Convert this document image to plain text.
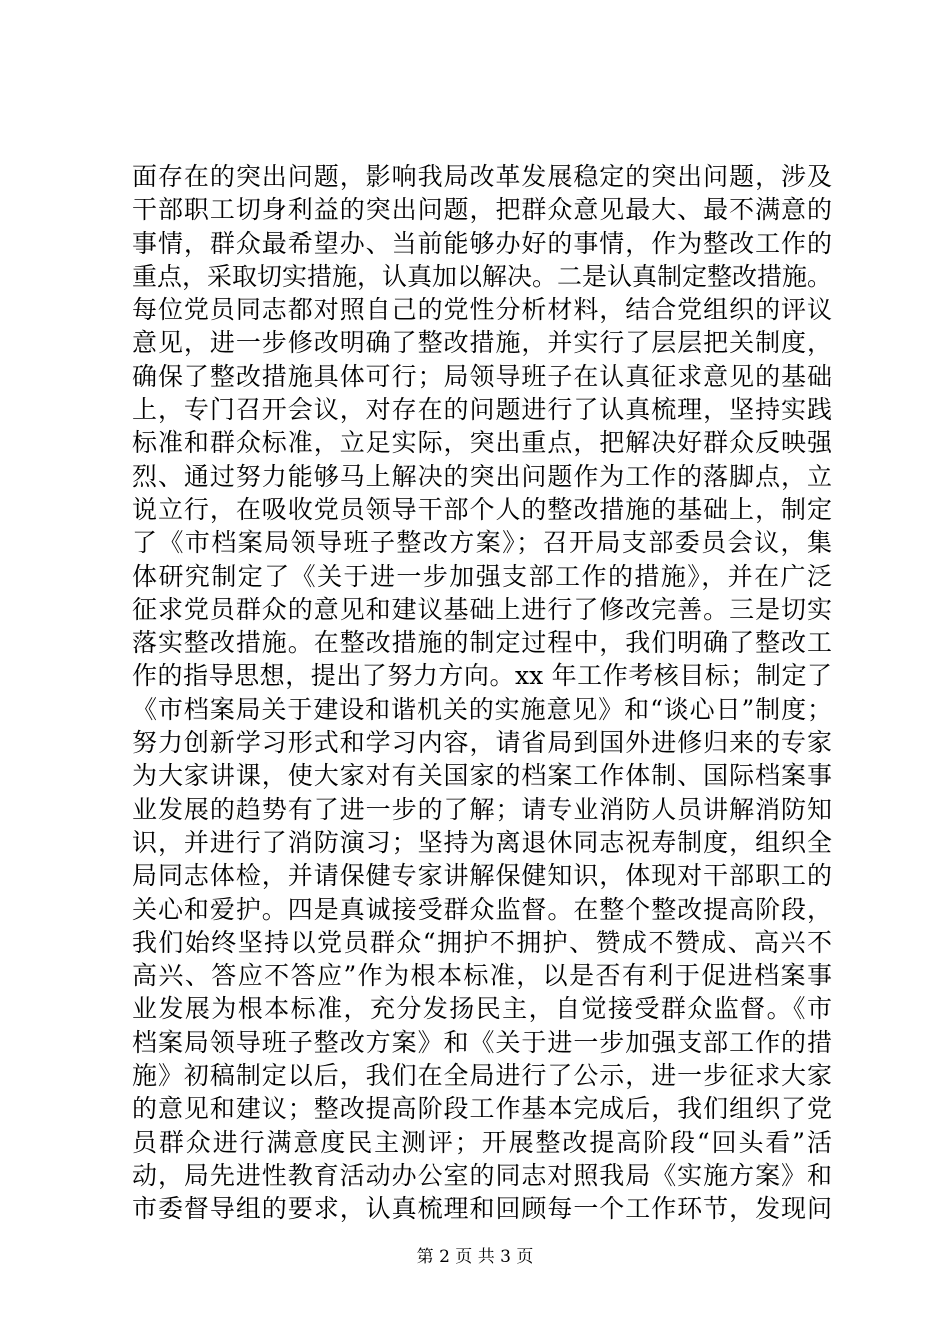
面存在的突出问题，影响我局改革发展稳定的突出问题，涉及
干部职工切身利益的突出问题，把群众意见最大、最不满意的
事情，群众最希望办、当前能够办好的事情，作为整改工作的
重点，采取切实措施，认真加以解决。二是认真制定整改措施。
每位党员同志都对照自己的党性分析材料，结合党组织的评议
意见，进一步修改明确了整改措施，并实行了层层把关制度，
确保了整改措施具体可行；局领导班子在认真征求意见的基础
上，专门召开会议，对存在的问题进行了认真梳理，坚持实践
标准和群众标准，立足实际，突出重点，把解决好群众反映强
烈、通过努力能够马上解决的突出问题作为工作的落脚点，立
说立行，在吸收党员领导干部个人的整改措施的基础上，制定
了《市档案局领导班子整改方案》；召开局支部委员会议，集
体研究制定了《关于进一步加强支部工作的措施》，并在广泛
征求党员群众的意见和建议基础上进行了修改完善。三是切实
落实整改措施。在整改措施的制定过程中，我们明确了整改工
作的指导思想，提出了努力方向。xx 年工作考核目标；制定了
《市档案局关于建设和谐机关的实施意见》和“谈心日”制度；
努力创新学习形式和学习内容，请省局到国外进修归来的专家
为大家讲课，使大家对有关国家的档案工作体制、国际档案事
业发展的趋势有了进一步的了解；请专业消防人员讲解消防知
识，并进行了消防演习；坚持为离退休同志祝寿制度，组织全
局同志体检，并请保健专家讲解保健知识，体现对干部职工的
关心和爱护。四是真诚接受群众监督。在整个整改提高阶段，
我们始终坚持以党员群众“拥护不拥护、赞成不赞成、高兴不
高兴、答应不答应”作为根本标准，以是否有利于促进档案事
业发展为根本标准，充分发扬民主，自觉接受群众监督。《市
档案局领导班子整改方案》和《关于进一步加强支部工作的措
施》初稿制定以后，我们在全局进行了公示，进一步征求大家
的意见和建议；整改提高阶段工作基本完成后，我们组织了党
员群众进行满意度民主测评；开展整改提高阶段“回头看”活
动，局先进性教育活动办公室的同志对照我局《实施方案》和
市委督导组的要求，认真梳理和回顾每一个工作环节，发现问
第 2 页 共 3 页
